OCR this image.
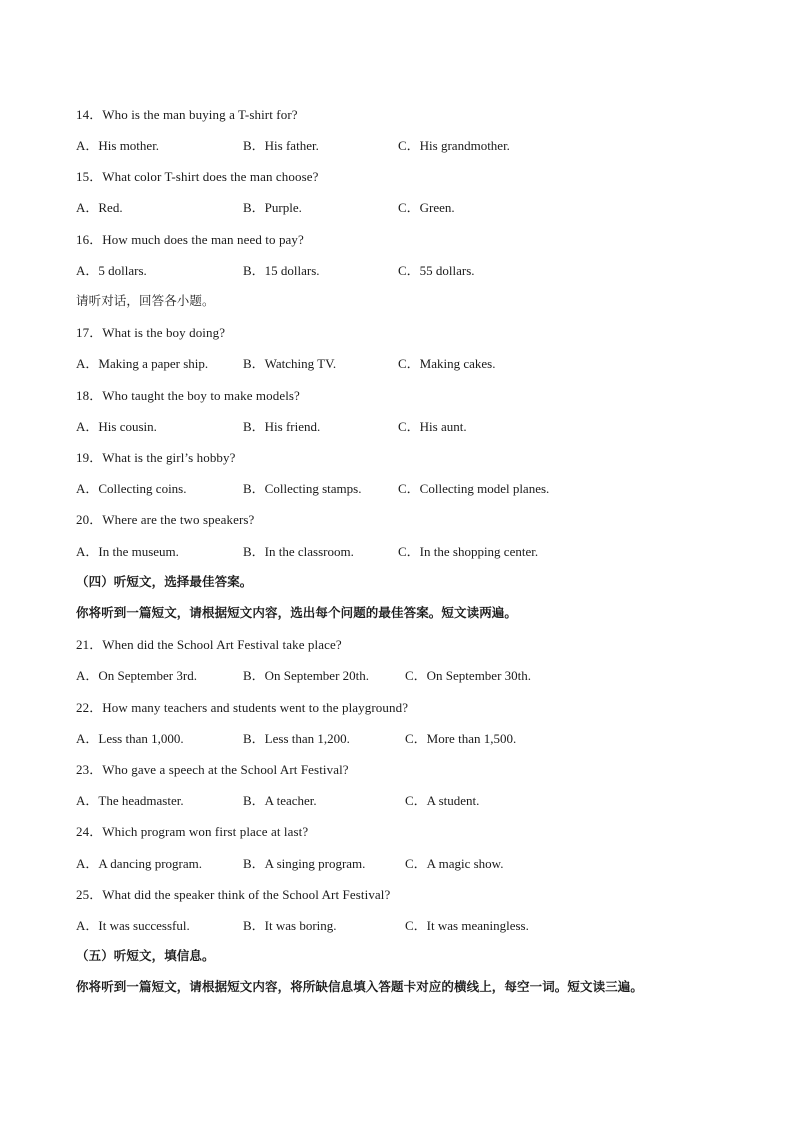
14．Who is the man buying a T-shirt for?
A．His mother.	B．His father.	C．His grandmother.
15．What color T-shirt does the man choose?
A．Red.	B．Purple.	C．Green.
16．How much does the man need to pay?
A．5 dollars.	B．15 dollars.	C．55 dollars.
请听对话，回答各小题。
17．What is the boy doing?
A．Making a paper ship.	B．Watching TV.	C．Making cakes.
18．Who taught the boy to make models?
A．His cousin.	B．His friend.	C．His aunt.
19．What is the girl’s hobby?
A．Collecting coins.	B．Collecting stamps.	C．Collecting model planes.
20．Where are the two speakers?
A．In the museum.	B．In the classroom.	C．In the shopping center.
（四）听短文，选择最佳答案。
你将听到一篇短文，请根据短文内容，选出每个问题的最佳答案。短文读两遍。
21．When did the School Art Festival take place?
A．On September 3rd.	B．On September 20th.	C．On September 30th.
22．How many teachers and students went to the playground?
A．Less than 1,000.	B．Less than 1,200.	C．More than 1,500.
23．Who gave a speech at the School Art Festival?
A．The headmaster.	B．A teacher.	C．A student.
24．Which program won first place at last?
A．A dancing program.	B．A singing program.	C．A magic show.
25．What did the speaker think of the School Art Festival?
A．It was successful.	B．It was boring.	C．It was meaningless.
（五）听短文，填信息。
你将听到一篇短文，请根据短文内容，将所缺信息填入答题卡对应的横线上，每空一词。短文读三遍。
